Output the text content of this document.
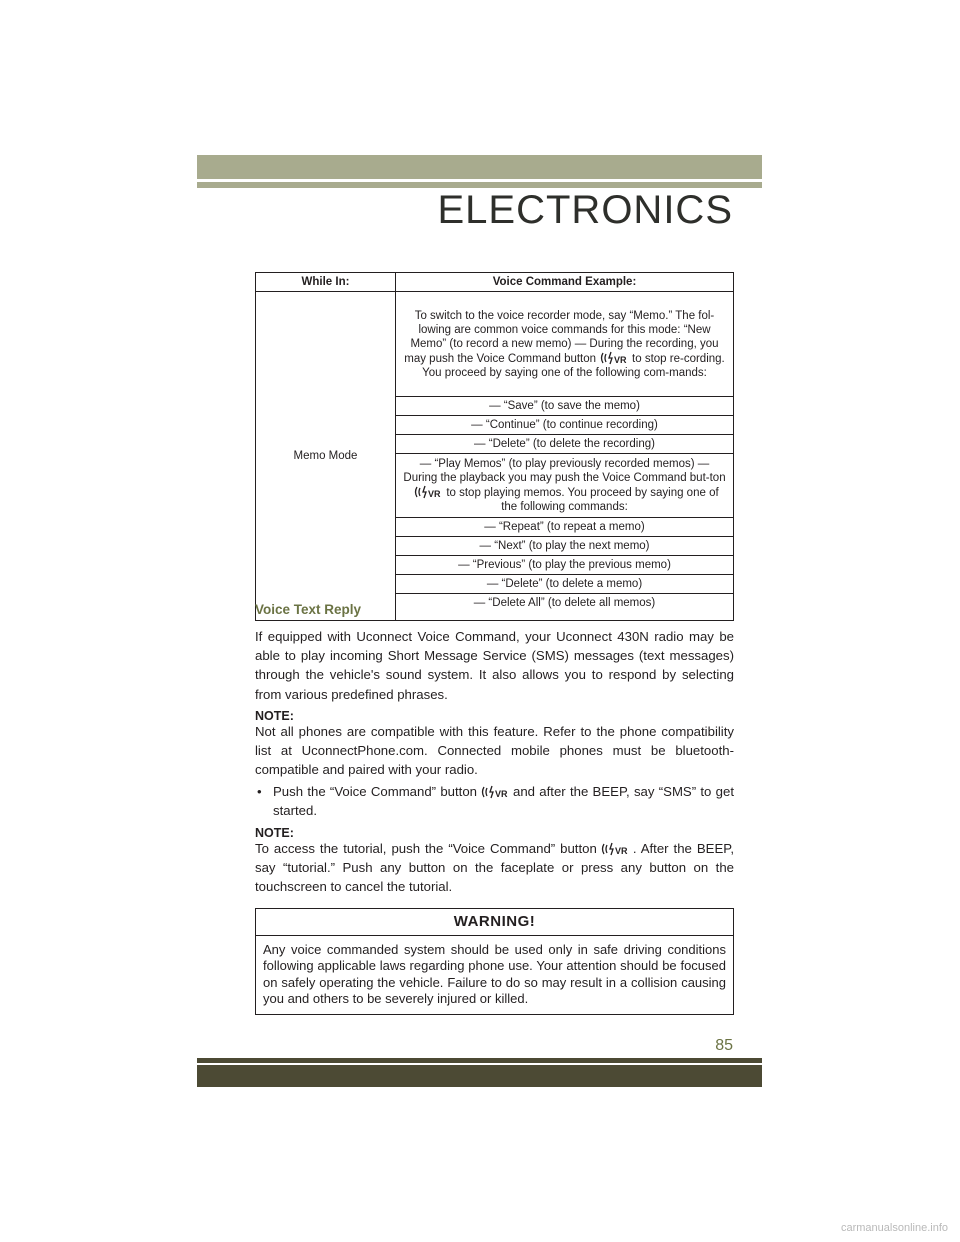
ELECTRONICS
While In:	Voice Command Example:
Memo Mode	To switch to the voice recorder mode, say “Memo.” The fol-lowing are common voice commands for this mode: “New Memo” (to record a new memo) — During the recording, you may push the Voice Command button VR to stop re-cording. You proceed by saying one of the following com-mands:
	— “Save” (to save the memo)
	— “Continue” (to continue recording)
	— “Delete” (to delete the recording)
	— “Play Memos” (to play previously recorded memos) — During the playback you may push the Voice Command but-ton
VR to stop playing memos. You proceed by saying one of the following commands:
	— “Repeat” (to repeat a memo)
	— “Next” (to play the next memo)
	— “Previous” (to play the previous memo)
	— “Delete” (to delete a memo)
	— “Delete All” (to delete all memos)
Voice Text Reply
If equipped with Uconnect Voice Command, your Uconnect 430N radio may be able to play incoming Short Message Service (SMS) messages (text messages) through the vehicle's sound system. It also allows you to respond by selecting from various predefined phrases.
NOTE:
Not all phones are compatible with this feature. Refer to the phone compatibility list at UconnectPhone.com. Connected mobile phones must be bluetooth-compatible and paired with your radio.
• Push the “Voice Command” button VR and after the BEEP, say “SMS” to get started.
NOTE:
To access the tutorial, push the “Voice Command” button VR . After the BEEP, say “tutorial.” Push any button on the faceplate or press any button on the touchscreen to cancel the tutorial.
WARNING!
Any voice commanded system should be used only in safe driving conditions following applicable laws regarding phone use. Your attention should be focused on safely operating the vehicle. Failure to do so may result in a collision causing you and others to be severely injured or killed.
85
carmanualsonline.info
